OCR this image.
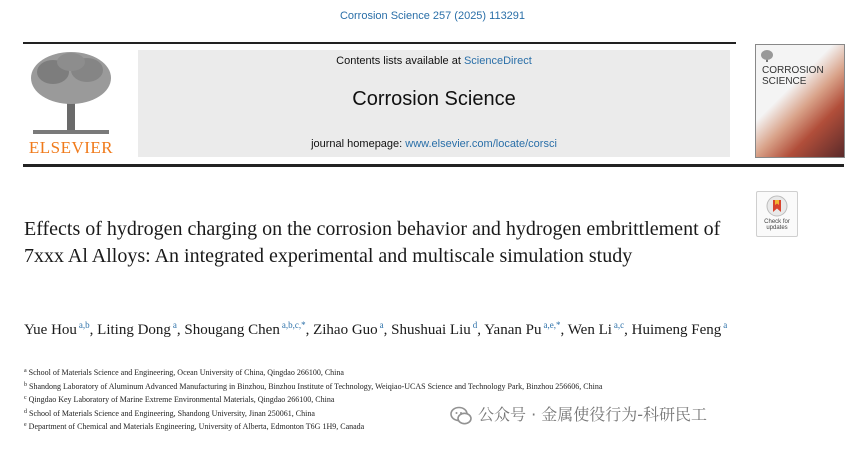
Corrosion Science 257 (2025) 113291
ELSEVIER
Contents lists available at ScienceDirect
Corrosion Science
journal homepage: www.elsevier.com/locate/corsci
CORROSION
SCIENCE
Check for
updates
Effects of hydrogen charging on the corrosion behavior and hydrogen embrittlement of 7xxx Al Alloys: An integrated experimental and multiscale simulation study
Yue Hou $^{a,b}$, Liting Dong $^a$, Shougang Chen $^{a,b,c,*}$, Zihao Guo $^a$, Shushuai Liu $^d$, Yanan Pu $^{a,e,*}$, Wen Li $^{a,c}$, Huimeng Feng $^a$
$^a$ School of Materials Science and Engineering, Ocean University of China, Qingdao 266100, China
$^b$ Shandong Laboratory of Aluminum Advanced Manufacturing in Binzhou, Binzhou Institute of Technology, Weiqiao-UCAS Science and Technology Park, Binzhou 256606, China
$^c$ Qingdao Key Laboratory of Marine Extreme Environmental Materials, Qingdao 266100, China
$^d$ School of Materials Science and Engineering, Shandong University, Jinan 250061, China
$^e$ Department of Chemical and Materials Engineering, University of Alberta, Edmonton T6G 1H9, Canada
公众号 · 金属使役行为-科研民工
